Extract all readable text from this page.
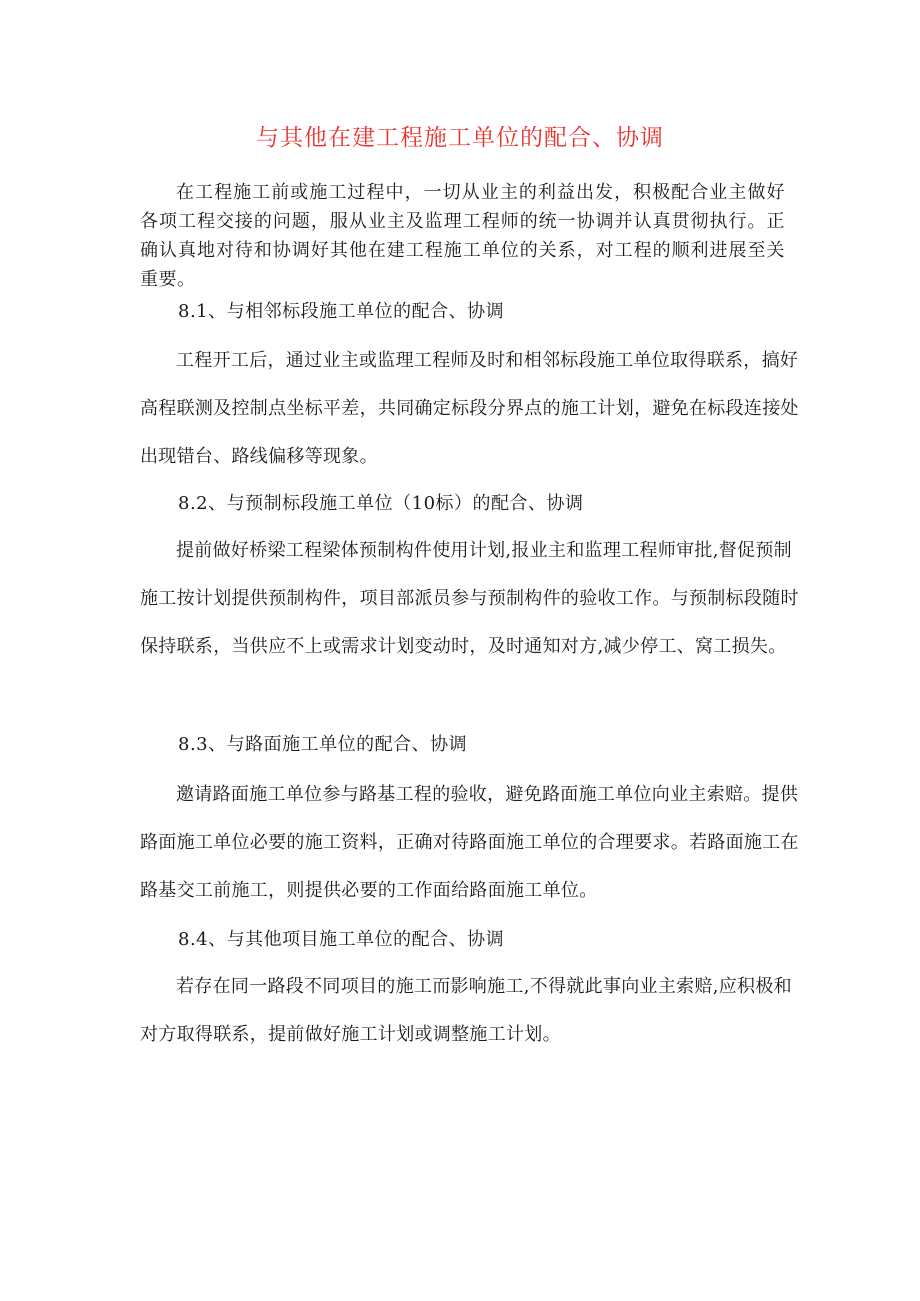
与其他在建工程施工单位的配合、协调

在工程施工前或施工过程中，一切从业主的利益出发，积极配合业主做好各项工程交接的问题，服从业主及监理工程师的统一协调并认真贯彻执行。正确认真地对待和协调好其他在建工程施工单位的关系，对工程的顺利进展至关重要。

8.1、与相邻标段施工单位的配合、协调

工程开工后，通过业主或监理工程师及时和相邻标段施工单位取得联系，搞好高程联测及控制点坐标平差，共同确定标段分界点的施工计划，避免在标段连接处出现错台、路线偏移等现象。

8.2、与预制标段施工单位（10标）的配合、协调

提前做好桥梁工程梁体预制构件使用计划,报业主和监理工程师审批,督促预制施工按计划提供预制构件，项目部派员参与预制构件的验收工作。与预制标段随时保持联系，当供应不上或需求计划变动时，及时通知对方,减少停工、窝工损失。

8.3、与路面施工单位的配合、协调

邀请路面施工单位参与路基工程的验收，避免路面施工单位向业主索赔。提供路面施工单位必要的施工资料，正确对待路面施工单位的合理要求。若路面施工在路基交工前施工，则提供必要的工作面给路面施工单位。

8.4、与其他项目施工单位的配合、协调

若存在同一路段不同项目的施工而影响施工,不得就此事向业主索赔,应积极和对方取得联系，提前做好施工计划或调整施工计划。
